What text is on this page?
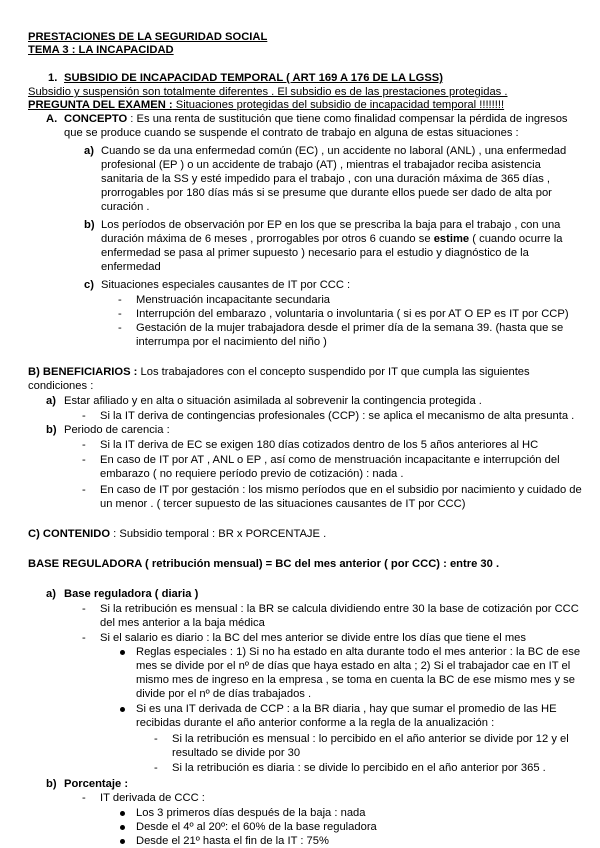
PRESTACIONES DE LA SEGURIDAD SOCIAL
TEMA 3 : LA INCAPACIDAD
1. SUBSIDIO DE INCAPACIDAD TEMPORAL ( ART 169 A 176 DE LA LGSS)
Subsidio y suspensión son totalmente diferentes . El subsidio es de las prestaciones protegidas .
PREGUNTA DEL EXAMEN : Situaciones protegidas del subsidio de incapacidad temporal !!!!!!!!
A. CONCEPTO : Es una renta de sustitución que tiene como finalidad compensar la pérdida de ingresos
que se produce cuando se suspende el contrato de trabajo en alguna de estas situaciones :
a) Cuando se da una enfermedad común (EC) , un accidente no laboral (ANL) , una enfermedad
profesional (EP ) o un accidente de trabajo (AT) , mientras el trabajador reciba asistencia
sanitaria de la SS y esté impedido para el trabajo , con una duración máxima de 365 días ,
prorrogables por 180 días más si se presume que durante ellos puede ser dado de alta por
curación .
b) Los períodos de observación por EP en los que se prescriba la baja para el trabajo , con una
duración máxima de 6 meses , prorrogables por otros 6 cuando se estime ( cuando ocurre la
enfermedad se pasa al primer supuesto ) necesario para el estudio y diagnóstico de la
enfermedad
c) Situaciones especiales causantes de IT por CCC :
- Menstruación incapacitante secundaria
- Interrupción del embarazo , voluntaria o involuntaria ( si es por AT O EP es IT por CCP)
- Gestación de la mujer trabajadora desde el primer día de la semana 39. (hasta que se
interrumpa por el nacimiento del niño )
B) BENEFICIARIOS : Los trabajadores con el concepto suspendido por IT que cumpla las siguientes
condiciones :
a) Estar afiliado y en alta o situación asimilada al sobrevenir la contingencia protegida .
- Si la IT deriva de contingencias profesionales (CCP) : se aplica el mecanismo de alta presunta .
b) Periodo de carencia :
- Si la IT deriva de EC se exigen 180 días cotizados dentro de los 5 años anteriores al HC
- En caso de IT por AT , ANL o EP , así como de menstruación incapacitante e interrupción del
embarazo ( no requiere período previo de cotización) : nada .
- En caso de IT por gestación : los mismo períodos que en el subsidio por nacimiento y cuidado de
un menor . ( tercer supuesto de las situaciones causantes de IT por CCC)
C) CONTENIDO : Subsidio temporal : BR x PORCENTAJE .
BASE REGULADORA ( retribución mensual) = BC del mes anterior ( por CCC) : entre 30 .
a) Base reguladora ( diaria )
- Si la retribución es mensual : la BR se calcula dividiendo entre 30 la base de cotización por CCC
del mes anterior a la baja médica
- Si el salario es diario : la BC del mes anterior se divide entre los días que tiene el mes
Reglas especiales : 1) Si no ha estado en alta durante todo el mes anterior : la BC de ese
mes se divide por el nº de días que haya estado en alta ; 2) Si el trabajador cae en IT el
mismo mes de ingreso en la empresa , se toma en cuenta la BC de ese mismo mes y se
divide por el nº de días trabajados .
Si es una IT derivada de CCP : a la BR diaria , hay que sumar el promedio de las HE
recibidas durante el año anterior conforme a la regla de la anualización :
- Si la retribución es mensual : lo percibido en el año anterior se divide por 12 y el
resultado se divide por 30
- Si la retribución es diaria : se divide lo percibido en el año anterior por 365 .
b) Porcentaje :
- IT derivada de CCC :
Los 3 primeros días después de la baja : nada
Desde el 4º al 20º: el 60% de la base reguladora
Desde el 21º hasta el fin de la IT : 75%
